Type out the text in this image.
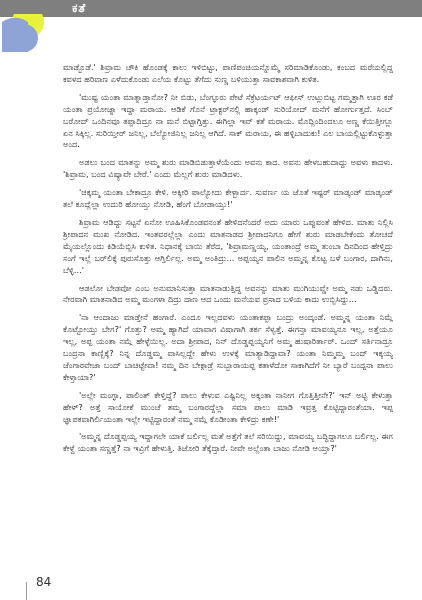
ಕತೆ

ಮಾಡ್ಬೊಡೆ.' ಶಿವ್ರಾಮ ಚೌಕಿ ಹೊಂಡಕ್ಕೆ ಕಾಲು ಇಳಿಬಿಟ್ಟು, ಪಾಣಿಪಂಚಿಯನ್ನೊಮ್ಮೆ ಸರಿಮಾಡಿಕೊಂಡು, ಕಂಬದ ಮರೆಯಲ್ಲಿದ್ದ ಕವಳದ ಹರಿವಾಣ ಎಳೆದುಕೊಂಡು ಎಲೆಯ ಕೊಟ್ಟು ತೆಗೆದು ಸುಣ್ಣ ಬಳಿಯುತ್ತಾ ಸಾವಕಾಶವಾಗಿ ಕುಳಿತ.

'ಮುಷ್ಟ ಯಂತಾ ಮಾತ್ನಾಡ್ತಾನೋ? ನೀ ಬಿಡು, ಬೆಂಗ್ಳೂರು ಪೇಟೆ ಸೆಕ್ರೆಟರ್ಯಟ್ ಆಫೀಸ್ ಉಟ್ಲುಬಿಟ್ಟ ಗಮ್ಮತ್ತಾಗಿ ಊರ ಕಡೆ ಯಂತಾ ಪ್ರಯೋಜ್ನಾ ಇದ್ದಾ ಮರಾಯ. ಆಡಿಕೆ ಗೊನೆ ಟ್ರಾಕ್ಟರ್‌ನಲ್ಲಿ ಹಾಕ್ಕಂಡ್ ಸುರಿಯೋದ್ ಮನೆಗೆ ಹೋರ್ಗುತ್ತದೆ. ಸಿಂಬ್ ಬರೋದ್ ಒಂದಿನವೂ ತಪ್ಪಾದಿದ್ರೂ ನಾ ಮನೆ ಬಿಟ್ಟಾಗ್ತಿತ್ತು. ಈಗಿಲ್ಲಾ ಇವ್ ಕತೆ ಮರಾಯ. ಮೊದ್ಲಿಂದಿಂದಲೂ ಅಣ್ಣ ಕೆಯಿತ್ತೀಗ್ಲೂ ಏನ ಸಿಕ್ಕಿಲ್ಲ. ಸುರಿಯ್ತೀರ್ ಜನಿಲ್ಲ, ಬೆಲ್ಯೋಜಿನಿಲ್ಲ ಜನಿಲ್ಲ ಆಗಿದೆ. ಸಾಕ್ ಮರಾಯ, ಈ ಹಳ್ಳಿಬಾದುಕು! ಎಲ ಬಾಯಲ್ಲಿಟ್ಟುಕೊಳ್ಳುತ್ತಾ ಅಂದ.

ಅಡಲು ಬಂದ ಮಾತನ್ನು ಅಮ್ಮ ಶುರು ಮಾಡಿಬಿಡುತ್ತಾಳೆಯೆಂದು ಅವನು ಕಾದ. ಅವನು ಹೇಳಬಹುದಾದ್ದು ಅವಳು ಕಾದಳು. 'ಶಿವ್ರಾಮ, ಬಂದ ವಿಷ್ಯಾವೇ ಬೇರೆ.' ಎಂದು ಮೆಲ್ಲಗೆ ಶುರು ಮಾಡಿದಳು.

'ಚಿಕ್ಕಮ್ಮ ಯಂತಾ ಬೇಕಾದ್ರೂ ಕೇಳಿ. ಆಕ್ಕೀರಿ ಪಾಲ್ಯೋದು ಕೇಳ್ಬಾರ್ದ. ಸುವರ್ಣ ಯ ಜೊತೆ ಇಷ್ಟರ್ ಮಾಡ್ಕಂಡ್ ಮಾಡ್ಕಂಡ್ ತಲೆ ಕೂದ್ಲೆಲ್ಲಾ ಉದುರಿ ಹೋಯ್ತು ನೋಡಿ, ಹೆಂಗೆ ಬೋಡಾಯ್ತು!'

ಶಿವ್ರಾಮ ಆಡಿದ್ದು ಸಟ್ಟನೆ ಏನೋ ಊಹಿಸಿಕೊಂಡವನಂತೆ ಹೇಳಿದನೆಂದರೆ ಅದು ಯಾರು ಒಪ್ಪುವಂತೆ ಹೇಳಿದ. ಮಾತು ನಿಲ್ಲಿಸಿ ಶ್ರೀಪಾದನ ಮುಖ ನೋಡಿದ. ಇಂತವರಲ್ಲೆಲ್ಲಾ ಎಂದು ಮಾತನಾಡದ ಶ್ರೀಪಾದನಿಗೂ ಹೇಗೆ ಶುರು ಮಾಡಬೇಕೆಂದು ತೋಚದೆ ಮೈಯಲ್ಲೊಂದು ಕಿಡಿಯೆಬ್ಬಿಸಿ ಕುಳಿತ. ನಿಧಾನಕ್ಕೆ ಬಾಯಿ ತೆರೆದ, 'ಶಿವ್ರಾಮಣ್ಣಯ್ಯ, ಯಂತಾಂದ್ರೆ ಅಮ್ಮ ತುಂಬಾ ದಿನದಿಂದ ಹೇಳ್ತಿದ್ರು ಸಂಗೆ ಇಲ್ಲೆ ಬರ್‌ಲಿಕ್ಕೆ ಪುರುಸೊತ್ತು ಆಗ್ತಿರ್ಲಿಲ್ಲ. ಅಮ್ಮ ಅಂತಿದ್ರು... ಅಪ್ಪಯ್ಯನ ಪಾಲಿನ ಅಮ್ಮನ್ನ ಕೊಟ್ಟ ಬಳೆ ಬಂಗಾರ, ದಾಗಿನು, ಬೆಳ್ಳಿ...'

ಆಡಲೋ ಬೇಡವೋ ಎಂಬ ಅನುಮಾನಿಸುತ್ತಾ ಮಾತನಾಡುತ್ತಿದ್ದ ಅವನನ್ನು ಮಾತು ಮುಗಿಯುವ್ಣೇ ಅಮ್ಮ ನಡು ಒಡ್ಡಿದರು. ನೇರವಾಗಿ ಮಾತನಾಡಿದ ಅಮ್ಮ ಮಂಗಳಾ ದಿದ್ರು ದಾಣ ಆದ ಒಂದು ಮನೆಯವ ಪ್ರಸಾದ ಬಳಿಯ ಕಾದು ಉಬ್ಬಿಸಿದ್ದು...

'ನಾ ಆಂದಾಜು ಮಾಡ್ತೇನೆ ಹಂಗಾರೆ. ಎಂದೂ ಇಲ್ಲದವಳು ಯಂತಾಕಪ್ಪಾ ಬಂದ್ರು ಅಂದ್ಕಂಡೆ. ಅಮ್ಮನ್ನ ಯಂತಾ ನಿಮ್ಗೆ ಕೊಟ್ಟೋಯ್ತು ಬೇಗ?' ಗೊತ್ತು? ಅಮ್ಮ ಹ್ಯಾಗಿದೆ ಯಾವಾಗ ವಿಷಾಗಾಗಿ ತರ್ಕ ಸೆಳ್ವತ್ತೆ. ಈಗನ್ತಾ ಮಾವಯ್ಯನೂ ಇಲ್ಲ, ಅತ್ತೆಯೂ ಇಲ್ಲ, ಅಪ್ಪ ಯಂತಾ ನಮ್ಗೆ ಹೇಳ್ಳೆಯಿಲ್ಲ. ಅದಾ ಶ್ರೀಪಾದ, ನಿನ್ ದೊಡ್ಡಪ್ಪಯ್ಯನಿಗೆ ಅಮ್ಮ ಹುಷಾರಿರ್ತಾರ್. ಒಂದ್ ಸರ್ತಿನಾದ್ರೂ ಬಂದ್ರನಾ ಕಾಣ್ಬಿಕ್ಕೆ? ನಿನ್ನ ದೊಡ್ಡಮ್ಮ ವಾಸಿಲ್ಲದ್ದೇ ಹೇಳು ಉಳಕ್ಕೆ ಮಾತ್ಯಾಡಿದ್ದಾವಾ? ಯಂತಾ ನಿಮ್ಮಮ್ಮ ಬಂದ್ ಇಕ್ಕಯ್ಯ ಜೆಂಗಾರವೇಜಾ ಬಂದ್ ಬಾಚಿಟ್ಟೇವಾ! ನಮ್ಮ ದಿನ ಬೇಕ್ಗಾಡ್ರೆ ಸುಬ್ಬಾರಾಯಪ್ಪ ಕತಾಳೆದೋ ಸಾಕಾಗಿದೆಗೆ ನೀ ಬ್ಯಾರೆ ಬಂದ್ಪನಾ ಪಾಲು ಕೇಳ್ತಾಯಾ?'

'ಅಲ್ಲೇ ಮಂಗ್ಳಾ, ಪಾಲಿಂತ್ ಕೇಳ್ತಿದ್ದೆ? ಪಾಲು ಕೇಳುವ ಎಷ್ಟಿನಿಲ್ಲ ಅಕ್ಕಂತಾ ನಾನೀಗ ಗೊತ್ತಿತ್ತೀನೇ?' ಇನ್ ಅಟ್ಟಿ ಕೇಳುತ್ತಾ ಹೇಳ್? ಅತ್ತೆ ಸಾಯೋಕೆ ಮುಂಚೆ ತಮ್ಮ ಬಂಗಾರದ್ದೆಲ್ಲಾ ಸಮಾ ಪಾಲು ಮಾಡಿ ಇವ್ರತ್ತ ಕೊಟ್ಟಿದ್ದಾರಂತೆಯಾ. ಇಪ್ಪ ಜ್ಞಾಪಕವಾಗಿರ್ಲಿಯಂತಾ ಇಲ್ಲೇ ಇಟ್ಟಿದ್ದಾರಂತೆ ನಮ್ಮ ನಮ್ಗೆ ಕೊಡೀಂತಾ ಕೇಳಿದ್ರು ಕಣೇ!'

'ಅಮ್ಮನ್ನ ದೊಡ್ಡಪ್ಪಯ್ಯ ಇದ್ದಾಗಲೇ ಯಾಕೆ ಬರ್ಲಿಲ್ಲ ಮತೆ ಅತ್ತೆಗೆ ತಲೆ ಸರಿಯಿದ್ದು, ಮಾವಯ್ಯ ಬದ್ಧಿದ್ದಾಗಲೂ ಬರ್ಲಿಲ್ಲ. ಈಗ ಕೇಳ್ದೆ ಯಂತಾ ಸಣ್ಣತ್ತೆ? ನಾ ಇವ್ರಿಗೆ ಹೇಳುತ್ತಿ. ತಿಜೋರಿ ತೆಕ್ಕೆದ್ತಾರೆ. ನೀವೇ ಅಲ್ಲೆಂತಾ ಬಾಜು ನೋಡಿ ಆಯ್ತಾ?'

84
